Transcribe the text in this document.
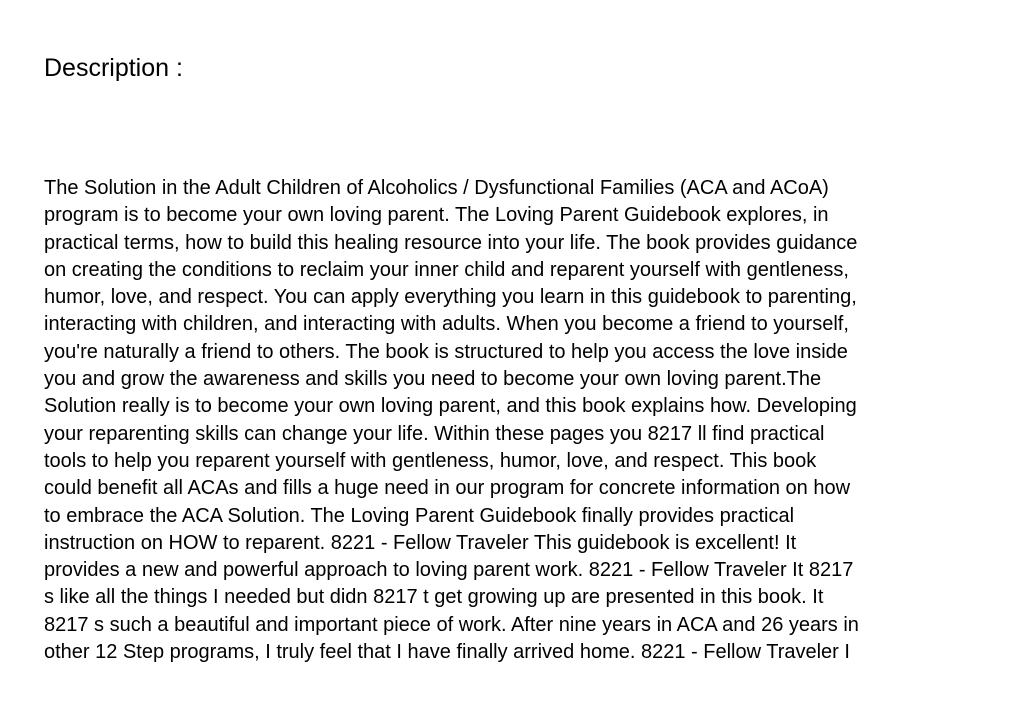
Description :
The Solution in the Adult Children of Alcoholics / Dysfunctional Families (ACA and ACoA)
program is to become your own loving parent. The Loving Parent Guidebook explores, in
practical terms, how to build this healing resource into your life. The book provides guidance
on creating the conditions to reclaim your inner child and reparent yourself with gentleness,
humor, love, and respect. You can apply everything you learn in this guidebook to parenting,
interacting with children, and interacting with adults. When you become a friend to yourself,
you're naturally a friend to others. The book is structured to help you access the love inside
you and grow the awareness and skills you need to become your own loving parent.The
Solution really is to become your own loving parent, and this book explains how. Developing
your reparenting skills can change your life. Within these pages you 8217 ll find practical
tools to help you reparent yourself with gentleness, humor, love, and respect. This book
could benefit all ACAs and fills a huge need in our program for concrete information on how
to embrace the ACA Solution. The Loving Parent Guidebook finally provides practical
instruction on HOW to reparent. 8221 - Fellow Traveler This guidebook is excellent! It
provides a new and powerful approach to loving parent work. 8221 - Fellow Traveler It 8217
s like all the things I needed but didn 8217 t get growing up are presented in this book. It
8217 s such a beautiful and important piece of work. After nine years in ACA and 26 years in
other 12 Step programs, I truly feel that I have finally arrived home. 8221 - Fellow Traveler I
